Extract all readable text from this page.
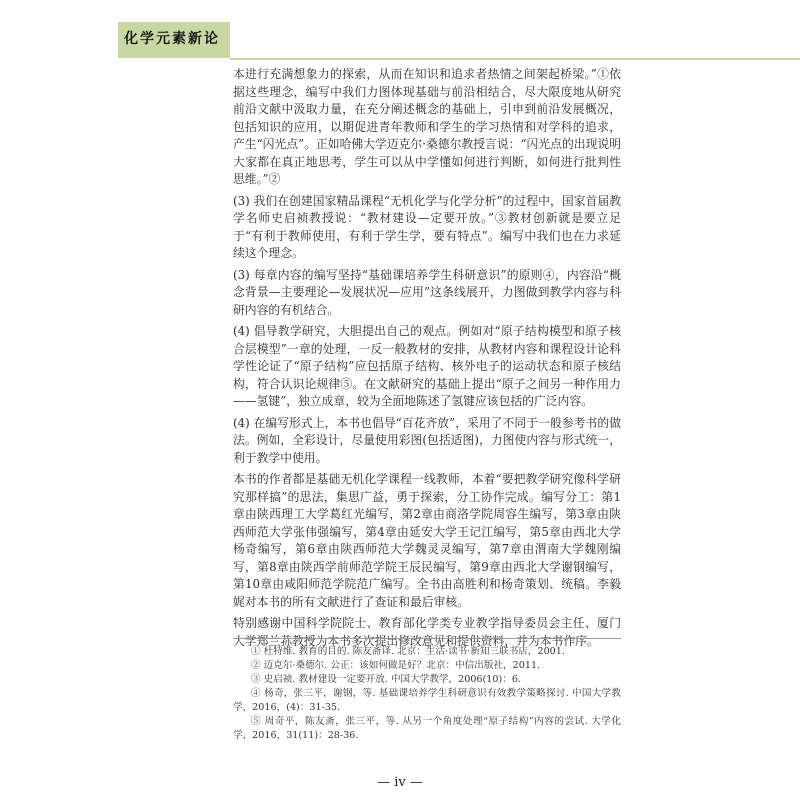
化学元素新论

本进行充满想象力的探索，从而在知识和追求者热情之间架起桥梁。”①依据这些理念，编写中我们力图体现基础与前沿相结合，尽大限度地从研究前沿文献中汲取力量，在充分阐述概念的基础上，引申到前沿发展概况，包括知识的应用，以期促进青年教师和学生的学习热情和对学科的追求，产生“闪光点”。正如哈佛大学迈克尔·桑德尔教授言说：“闪光点的出现说明大家都在真正地思考，学生可以从中学懂如何进行判断，如何进行批判性思维。”②

(3) 我们在创建国家精品课程“无机化学与化学分析”的过程中，国家首届教学名师史启祯教授说：“教材建设—定要开放。”③教材创新就是要立足于“有利于教师使用，有利于学生学，要有特点”。编写中我们也在力求延续这个理念。

(3) 每章内容的编写坚持“基础课培养学生科研意识”的原则④，内容沿“概念背景—主要理论—发展状况—应用”这条线展开，力图做到教学内容与科研内容的有机结合。

(4) 倡导教学研究，大胆提出自己的观点。例如对“原子结构模型和原子核合层模型”一章的处理，一反一般教材的安排，从教材内容和课程设计论科学性论证了“原子结构”应包括原子结构、核外电子的运动状态和原子核结构，符合认识论规律⑤。在文献研究的基础上提出“原子之间另一种作用力——氢键”，独立成章，较为全面地陈述了氢键应该包括的广泛内容。

(4) 在编写形式上，本书也倡导“百花齐放”，采用了不同于一般参考书的做法。例如，全彩设计，尽量使用彩图(包括适图)，力图使内容与形式统一，利于教学中使用。

本书的作者都是基础无机化学课程一线教师，本着“要把教学研究像科学研究那样搞”的思法，集思广益，勇于探索，分工协作完成。编写分工：第1章由陕西理工大学葛红光编写，第2章由商洛学院周容生编写，第3章由陕西师范大学张伟强编写，第4章由延安大学王记江编写，第5章由西北大学杨奇编写，第6章由陕西师范大学魏灵灵编写，第7章由渭南大学魏刚编写，第8章由陕西学前师范学院王辰民编写，第9章由西北大学谢钢编写，第10章由咸阳师范学院范广编写。全书由高胜利和杨奇策划、统稿。李毅娓对本书的所有文献进行了查证和最后审核。

特别感谢中国科学院院士、教育部化学类专业教学指导委员会主任、厦门大学郑兰荪教授为本书多次提出修改意见和提供资料，并为本书作序。

① 杜特维. 教育的目的. 陈友斋译. 北京：生活·读书·新知三联书店，2001.

② 迈克尔·桑德尔. 公正：该如何做是好？北京：中信出版社，2011.

③ 史启祯. 教材建设一定要开放. 中国大学教学，2006(10)：6.

④ 杨奇，张三平，谢钢，等. 基础课培养学生科研意识有效教学策略探讨. 中国大学教学，2016，(4)：31-35.

⑤ 周奇平，陈友斋，张三平，等. 从另一个角度处理“原子结构”内容的尝试. 大学化学，2016，31(11)：28-36.

— iv —
